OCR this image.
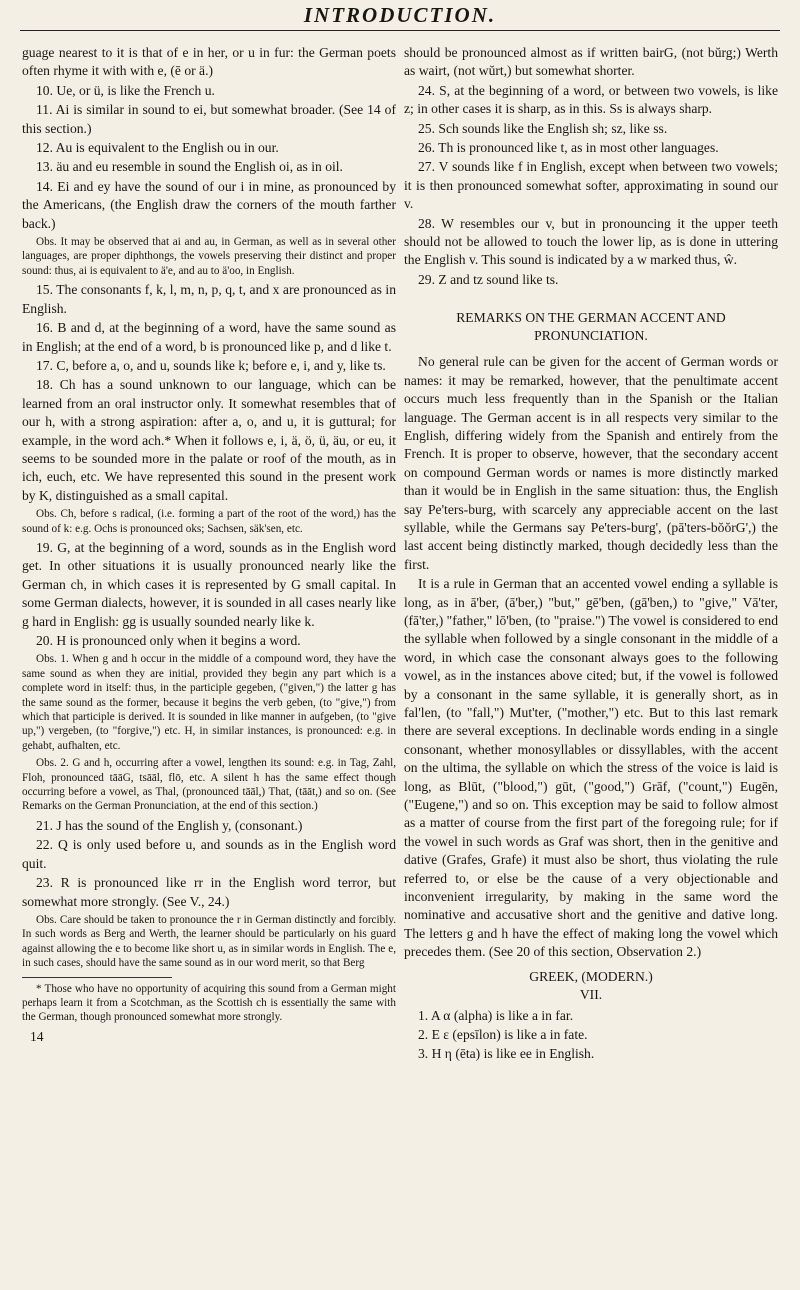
INTRODUCTION.

guage nearest to it is that of e in her, or u in fur: the German poets often rhyme it with with e, (ē or ä.)

10. Ue, or ü, is like the French u.

11. Ai is similar in sound to ei, but somewhat broader. (See 14 of this section.)

12. Au is equivalent to the English ou in our.

13. äu and eu resemble in sound the English oi, as in oil.

14. Ei and ey have the sound of our i in mine, as pronounced by the Americans, (the English draw the corners of the mouth farther back.)

Obs. It may be observed that ai and au, in German, as well as in several other languages, are proper diphthongs, the vowels preserving their distinct and proper sound: thus, ai is equivalent to ä'e, and au to ä'oo, in English.

15. The consonants f, k, l, m, n, p, q, t, and x are pronounced as in English.

16. B and d, at the beginning of a word, have the same sound as in English; at the end of a word, b is pronounced like p, and d like t.

17. C, before a, o, and u, sounds like k; before e, i, and y, like ts.

18. Ch has a sound unknown to our language, which can be learned from an oral instructor only. It somewhat resembles that of our h, with a strong aspiration: after a, o, and u, it is guttural; for example, in the word ach.* When it follows e, i, ä, ö, ü, äu, or eu, it seems to be sounded more in the palate or roof of the mouth, as in ich, euch, etc. We have represented this sound in the present work by K, distinguished as a small capital.

Obs. Ch, before s radical, (i.e. forming a part of the root of the word,) has the sound of k: e.g. Ochs is pronounced oks; Sachsen, säk'sen, etc.

19. G, at the beginning of a word, sounds as in the English word get. In other situations it is usually pronounced nearly like the German ch, in which cases it is represented by G small capital. In some German dialects, however, it is sounded in all cases nearly like g hard in English: gg is usually sounded nearly like k.

20. H is pronounced only when it begins a word.

Obs. 1. When g and h occur in the middle of a compound word, they have the same sound as when they are initial, provided they begin any part which is a complete word in itself: thus, in the participle gegeben, ("given,") the latter g has the same sound as the former, because it begins the verb geben, (to "give,") from which that participle is derived. It is sounded in like manner in aufgeben, (to "give up,") vergeben, (to "forgive,") etc. H, in similar instances, is pronounced: e.g. in gehabt, aufhalten, etc.

Obs. 2. G and h, occurring after a vowel, lengthen its sound: e.g. in Tag, Zahl, Floh, pronounced tāāG, tsāāl, flō, etc. A silent h has the same effect though occurring before a vowel, as Thal, (pronounced tāāl,) That, (tāāt,) and so on. (See Remarks on the German Pronunciation, at the end of this section.)

21. J has the sound of the English y, (consonant.)

22. Q is only used before u, and sounds as in the English word quit.

23. R is pronounced like rr in the English word terror, but somewhat more strongly. (See V., 24.)

Obs. Care should be taken to pronounce the r in German distinctly and forcibly. In such words as Berg and Werth, the learner should be particularly on his guard against allowing the e to become like short u, as in similar words in English. The e, in such cases, should have the same sound as in our word merit, so that Berg

* Those who have no opportunity of acquiring this sound from a German might perhaps learn it from a Scotchman, as the Scottish ch is essentially the same with the German, though pronounced somewhat more strongly.

14

should be pronounced almost as if written bairG, (not bŭrg;) Werth as wairt, (not wŭrt,) but somewhat shorter.

24. S, at the beginning of a word, or between two vowels, is like z; in other cases it is sharp, as in this. Ss is always sharp.

25. Sch sounds like the English sh; sz, like ss.

26. Th is pronounced like t, as in most other languages.

27. V sounds like f in English, except when between two vowels; it is then pronounced somewhat softer, approximating in sound our v.

28. W resembles our v, but in pronouncing it the upper teeth should not be allowed to touch the lower lip, as is done in uttering the English v. This sound is indicated by a w marked thus, ŵ.

29. Z and tz sound like ts.

REMARKS ON THE GERMAN ACCENT AND PRONUNCIATION.

No general rule can be given for the accent of German words or names: it may be remarked, however, that the penultimate accent occurs much less frequently than in the Spanish or the Italian language. The German accent is in all respects very similar to the English, differing widely from the Spanish and entirely from the French. It is proper to observe, however, that the secondary accent on compound German words or names is more distinctly marked than it would be in English in the same situation: thus, the English say Pe'ters-burg, with scarcely any appreciable accent on the last syllable, while the Germans say Pe'ters-burg', (pā'ters-bŏŏrG',) the last accent being distinctly marked, though decidedly less than the first.

It is a rule in German that an accented vowel ending a syllable is long, as in ā'ber, (ā'ber,) "but," gē'ben, (gā'ben,) to "give," Vā'ter, (fā'ter,) "father," lō'ben, (to "praise.") The vowel is considered to end the syllable when followed by a single consonant in the middle of a word, in which case the consonant always goes to the following vowel, as in the instances above cited; but, if the vowel is followed by a consonant in the same syllable, it is generally short, as in fal'len, (to "fall,") Mut'ter, ("mother,") etc. But to this last remark there are several exceptions. In declinable words ending in a single consonant, whether monosyllables or dissyllables, with the accent on the ultima, the syllable on which the stress of the voice is laid is long, as Blūt, ("blood,") gūt, ("good,") Grāf, ("count,") Eugēn, ("Eugene,") and so on. This exception may be said to follow almost as a matter of course from the first part of the foregoing rule; for if the vowel in such words as Graf was short, then in the genitive and dative (Grafes, Grafe) it must also be short, thus violating the rule referred to, or else be the cause of a very objectionable and inconvenient irregularity, by making in the same word the nominative and accusative short and the genitive and dative long. The letters g and h have the effect of making long the vowel which precedes them. (See 20 of this section, Observation 2.)

GREEK, (MODERN.)

VII.

1. A α (alpha) is like a in far.

2. E ε (epsīlon) is like a in fate.

3. H η (ēta) is like ee in English.
